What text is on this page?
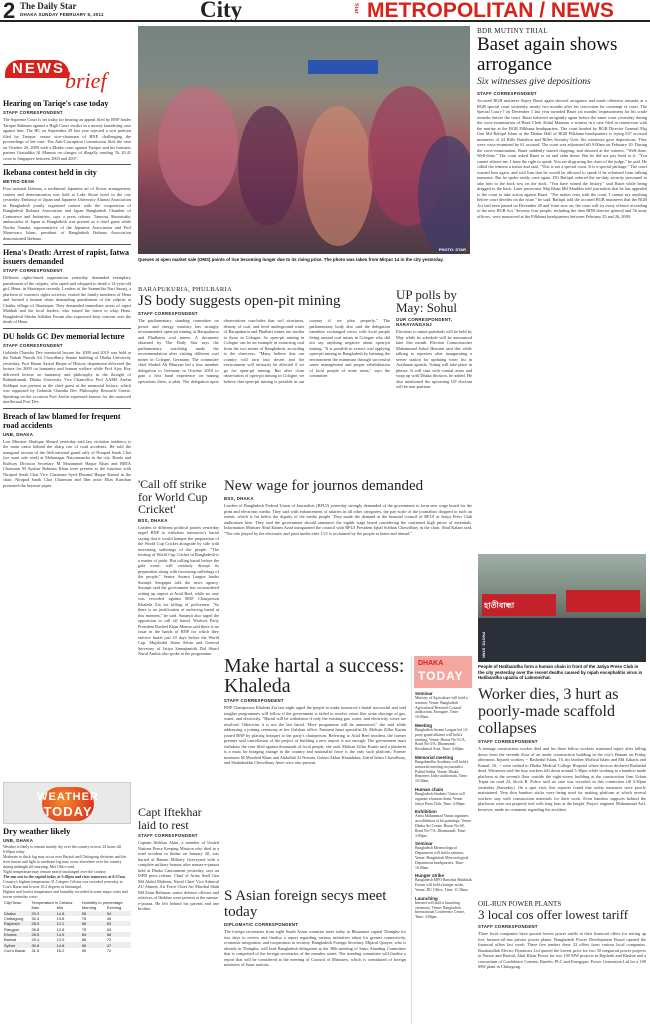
2 The Daily Star
DHAKA SUNDAY FEBRUARY 6, 2011	City	Star METROPOLITAN / NEWS
NEWS IN
brief
Hearing on Tariqe's case today
STAFF CORRESPONDENT
The Supreme Court is set today for hearing an appeal filed by BNP leader Tarique Rahman against a High Court verdict in a money laundering case against him. The HC on September 29 last year rejected a writ petition filed by Tarique, senior vice-chairman of BNP, challenging the proceedings of the case. The Anti-Corruption Commission filed the case on October 26, 2009 with a Dhaka court against Tarique and his business partner Giasuddin Al Mamun on charges of illegally sending Tk 20.41 crore to Singapore between 2003 and 2007.
Ikebana contest held in city
METRO DESK
First national Ikebana, a traditional Japanese art of flower arrangement, contest and demonstration was held at Lake Shore hotel in the city yesterday. Embassy of Japan and Japanese University Alumni Association in Bangladesh jointly organised contest with the cooperation of Bangladesh Ikebana Association and Japan Bangladesh Chamber of Commerce and Industries, says a press release. Tamotsu Shinotsuka, ambassador of Japan to Bangladesh was present as a chief guest while Noriko Tanaka, representative of the Japanese Association and Prof Monowara Islam, president of Bangladesh Ikebana Association demonstrated Ikebana.
Hena's Death: Arrest of rapist, fatwa issuers demanded
STAFF CORRESPONDENT
Different rights-based organisation yesterday demanded exemplary punishment of the culprits, who raped and whipped to death a 14-year-old girl, Hena, in Shariatpur recently. Leaders of the Sammilita Nari Samaj, a platform of women's rights activists, visited the family members of Hena and formed a human chain demanding punishment of the culprits at Chaiku village of Shariatpur. They demanded immediate arrest of rapist Mahbub and the local leaders, who issued the fatwa to whip Hena. Bangladesh Shishu Adhikar Forum also expressed deep concern over the death of Hena.
DU holds GC Dev memorial lecture
STAFF CORRESPONDENT
Gobinda Chandra Dev memorial lecture for 2009 and 2010 was held at the Nabab Nawab Ali Chowdhury Senate building of Dhaka University yesterday. Prof Hasan Azizul Haque of History department delivered the lecture for 2009 on humanity and human welfare while Prof Ajoy Roy delivered lecture on humanity and philosophy in the thought of Rabindranath. Dhaka University Vice Chancellor Prof AAMS Arefin Siddique was present as the chief guest at the memorial lecture, which was organised by Gobinda Chandra Dev Philosophy Research Centre. Speaking on the occasion Prof Arefin expressed honour for the martyred intellectual Prof Dev.
Breach of law blamed for frequent road accidents
UNB, DHAKA
Law Minister Shafique Ahmed yesterday said law violation tendency is the main cause behind the sharp rise of road accidents. He told the inaugural session of the fifth national grand rally of Nirapad Sarak Chai (we want safe road) at Mohanagar Natyamancha in the city. Roads and Railway Division Secretary M Mozammel Haque Khan and BRTA Chairman M Ayubur Rahman Khan were present at the function with Nirapad Sarak Chai Vice Chairman Syed Ebsanul Haque Kamal in the chair. Nirapad Sarak Chai Chairman and film actor Elias Kanchan presented the keynote paper.
WEATHER
TODAY
Dry weather likely
UNB, DHAKA
Weather is likely to remain mainly dry over the country in next 24 hours till 6:00pm today.
Moderate to thick fog may occur over Barisal and Chittagong divisions and the river basins and light to moderate fog may occur elsewhere over the country during midnight till morning, Met Office said.
Night temperature may remain nearly unchanged over the country.
The sun sets in the capital today at 5:48pm and rises tomorrow at 6:37am.
Country's highest temperature 31.5 degree Celsius was recorded yesterday at Cox's Bazar and lowest 10.2 degrees at Srimangal.
Highest and lowest temperature and humidity recorded in some major cities and towns yesterday were:
City/Town	Temperature in Celsius		Humidity in percentage	
	Max	Min	Morning	Evening
Dhaka	29.3	14.8	55	54
Chittagong	30.4	13.8	75	45
Rajshahi	28.5	12.2	85	63
Rangpur	26.8	12.8	75	63
Khulna	28.5	14.5	84	58
Barisal	29.4	13.9	86	72
Sylhet	30.8	14.8	56	47
Cox's Bazar	31.5	16.2	59	72
PHOTO: STAR
Queues at open market sale (OMS) points of rice becoming longer due to its rising price. The photo was taken from Mirpur 14 in the city yesterday.
BDR MUTINY TRIAL
Baset again shows arrogance
Six witnesses give depositions
STAFF CORRESPONDENT
Accused BGB mutineer Sepoy Baset again showed arrogance and made offensive remarks at a BGB special court yesterday, nearly two months after his conviction for contempt of court. The Special Court-7 on December 1 last year awarded Baset six months' imprisonment for his crude remarks before the court. Baset behaved arrogantly again before the same court yesterday during the cross-examination of Head Clerk Abdul Mannan, a witness in a case filed in connection with the mutiny at the BGB Pilkhana headquarters. The court headed by BGB Director General Maj Gen Md Rafiqul Islam at the Darbar Hall of BGB Pilkhana headquarters is trying 637 accused mutineers of 24 Rifle Battalion and Rifles Security Unit. Six witnesses gave depositions. They were cross-examined by 61 accused. The court was adjourned till 9:00am on February 10. During the cross-examination, Baset suddenly started clapping, and shouted at the witness, "Well-done, Well-done." The court asked Baset to sit and calm down. But he did not pay heed to it. "You cannot silence me. I have the right to speak. You are disgracing the chair of the judge," he said. He called the witness a traitor and said, "This is not a special court. It is a special package." The court warned him again, and told him that he would be allowed to speak if he refrained from talking nonsense. But he spoke rashly once again. DG Rafiqul ordered the on-duty security personnel to take him to the back row on the dock. "You have ruined the history," said Baset while being dragged to the back. Later prosecutor Maj Khan Md Abuddin told journalists that he has appealed to the court to take action against Baset. "The matter rests with the court. I cannot say anything before court decides on the issue," he said. Rafiqul told the accused BGB mutineers that the BGB Act had been passed on December 20 and 'from now on, the court will try every offence according to the new BGB Act.' Seventy four people, including the then BDR director general and 56 army officers, were massacred at the Pilkhana headquarters between February 25 and 26, 2009.
BARAPUKURIA, PHULBARIA
JS body suggests open-pit mining
STAFF CORRESPONDENT
The parliamentary standing committee on power and energy ministry has strongly recommended open-pit mining at Barapukuria and Phulbaria coal mines. A document obtained by The Daily Star says the parliamentary watchdog made the recommendation after visiting different coal mines in Cologne, Germany. The committee chief Shubid Ali Bhuiyan led a four member delegation to Germany in October 2010 to gain a first hand experience on mining operations there, it adds. The delegation upon observations concludes that soil structures, density of coal, and level underground water of Barapukuria and Phulbari mines are similar to those in Cologne. So open-pit mining in Cologne can be an example in extracting coal from the two mines of Bangladesh, according to the observers. "Many believe that our country will turn into desert and the environment will seriously be affected if we go for open-pit mining. But after close observation of open-pit mining in Cologne, we believe that open-pit mining is possible in our country if we plan properly." The parliamentary body also said the delegation members exchanged views with local people living around coal mines in Cologne who did not say anything negative about open-pit mining. "It is possible to extract coal applying open-pit mining in Bangladesh by harming the environment the minimum through successful water management and proper rehabilitation of local people of mine areas," says the committee.
UP polls by May: Sohul
OUR CORRESPONDENT, NARAYANGANJ
Elections to union parishads will be held by May while its schedule will be announced later this month. Election Commissioner Muhammad Sohul Hussain said this while talking to reporters after inaugurating a server station for updating voter list in Araihazar upazila. Voting will take place in phases. It will start with coastal areas and wrap up with Dhaka division, he added. He also mentioned the upcoming UP election will be non-partisan.
'Call off strike for World Cup Cricket'
BSS, DHAKA
Leaders of different political parties yesterday urged BNP to withdraw tomorrow's hartal saying that it would hamper the preparation of the World Cup Cricket alongside by side with increasing sufferings of the people. "The hosting of World Cup Cricket in Bangladesh is a matter of pride. But calling hartal before the gala event, will certainly disrupt its preparation along with increasing sufferings of the people," Senior Awami League leader Suranjit Sengupta told the news agency. Suranjit said the government has reconsidered setting up airport at Arial Beel, while no case was recorded against BNP Chairperson Khaleda Zia for killing of policemen. "So there is no justification of enforcing hartal at this moment," he said. Sunanjit also urged the opposition to call off hartal. Workers Party President Rashed Khan Menon said there is no issue in the hands of BNP for which they enforce hartal just 10 days before the World Cup. Mujahidul Islam Selim and General Secretary of Jatiya Samajtantrik Dal Sharif Nurul Ambia also spoke at the programme.
Capt Iftekhar laid to rest
STAFF CORRESPONDENT
Captain Iftekhar Alam, a member of United Nations Peace Keeping Mission who died in a road accident in Sudan on January 30, was buried at Banani Military Graveyard with a complete military honour after namaz-e-janaza held at Dhaka Cantonment yesterday, says an ISPR press release. Chief of Army Staff Gen Md Abdul Mubeen, Naval Chief Vice Admiral ZU Ahmed, Air Force Chief Air Marshal Shah Md Ziaur Rahman, senior defence officers and relatives of Iftekhar were present at the namaz-e-janaza. He left behind his parents and one brother.
New wage for journos demanded
BSS, DHAKA
Leaders of Bangladesh Federal Union of Journalists (BFUJ) yesterday strongly demanded of the government to form new wage board for the print and electronic media. They said with enhancement of salaries in all other categories, the pay-scale of the journalists dropped to such an extent, which is far below the dignity of the media people. They made the demand at the biennial council of BFUJ at Jatiya Press Club auditorium here. They said the government should announce the eighth wage board considering the continued high prices of essentials. Information Minister Abul Kalam Azad inaugurated the council with BFUJ President Iqbal Sobhan Chowdhury in the chair. Abul Kalam said, "The role played by the electronic and print media after 1/11 is acclaimed by the people at home and abroad."
Make hartal a success: Khaleda
STAFF CORRESPONDENT
BNP Chairperson Khaleda Zia last night urged the people to make tomorrow's hartal successful and said tougher programmes will follow if the government is failed to resolve crises like acute shortage of gas, water, and electricity. "Hartal will be withdrawn if only the existing gas, water, and electricity crises are resolved. Otherwise it is not the last hartal. More programme will be announced," she said while addressing a joining ceremony at her Gulshan office. Eminent heart specialist Dr Mohsin Zillur Karim joined BNP by placing bouquet to the party's chairperson. Referring to Arial Beel incident, the former premier said cancellation of the project of building a new airport is not enough. The government must withdraw the case filed against thousands of local people, she said. Mohsin Zillur Karim said a platform is a must for bringing change in the country and nationalist force is the only such platform. Former ministers M Morshed Khan and Abdullah Al Noman, Golam Akbar Khandaker, Zafrul Islam Chowdhury, and Shahiduddin Chowdhury Anee were also present.
S Asian foreign secys meet today
DIPLOMATIC CORRESPONDENT
The foreign secretaries from eight South Asian countries meet today in Bhutanese capital Thimphu for two days to review and finalise a report regarding various initiatives taken for greater connectivity, economic integration, and cooperation in security. Bangladesh Foreign Secretary Mijarul Quayes, who is already in Thimphu, will lead Bangladesh delegation at the 38th meeting of Saarc Standing Committee that is comprised of the foreign secretaries of the member states. The standing committee will finalise a report that will be considered at the meeting of Council of Ministers, which is constituted of foreign ministers of Saarc nations.
হাতীবান্ধা
PHOTO: STAR
People of Hatibandha form a human chain in front of the Jatiya Press Club in the city yesterday over the recent deaths caused by nipah encephalitis virus in Hatibandha upazila of Lalmonirhat.
DHAKA
TODAY
Seminar
Ministry of Agriculture will hold a seminar, Venue: Bangladesh Agricultural Research Council auditorium, Farmgate, Time: 10:00am.
Meeting
Bangladesh Awami League led 14-party grand alliance will hold a meeting, Venue: House No-51/A, Road No-3/A, Dhanmondi Residential Area, Time: 4:00pm.
Memorial meeting
Bangabandhu Academy will hold a memorial meeting on journalist Pahlul Sobha, Venue: Dhaka Reporters Unity auditorium, Time: 10:30am.
Human chain
Bangladesh Students' Union will organise a human chain, Venue: Jatiya Press Club, Time: 4:00pm.
Exhibition
Artist Muhammad Yunus organises an exhibition of his paintings, Venue: Dhaka Art Center, House No-60, Road No-7/A, Dhanmondi, Time: 3:00pm.
Seminar
Bangladesh Meteorological Department will hold a seminar, Venue: Bangladesh Meteorological Department headquarters, Time: 10:00am.
Hunger strike
Bangladesh MPO Banchita Shikkhak Forum will hold a hunger strike, Venue: DU Office, Time: 11:30am.
Launching
Internet will hold a launching ceremony, Venue: Bangladesh International Conference Centre, Time: 4:00pm.
Worker dies, 3 hurt as poorly-made scaffold collapses
STAFF CORRESPONDENT
A teenage construction worker died and his three fellow workers sustained injury after falling down from the seventh floor of an under construction building in the city's Banani on Friday afternoon. Injured workers -- Rashedul Islam, 16, his brother Mofizul Islam and Md Zakaria and Kamal, 16, -- were rushed to Dhaka Medical College Hospital where doctors declared Rashedul dead. Witnesses said the four workers fell down around 5:30pm while working at a bamboo made platform at the seventh floor outside the eight-storey building at the construction firm Urban Topaz on road 23, block B. Police said no case was recorded in this connection till 3:30pm yesterday (Saturday). On a spot visit, this reporter found that safety measures were poorly maintained. Very thin bamboo sticks were being used for making platform at which several workers stay with construction materials for their work. Even bamboo supports behind the platforms were not properly tied with long bars at the height. Project engineer Mohammad Arif, however, made no comment regarding the accident.
OIL-RUN POWER PLANTS
3 local cos offer lowest tariff
STAFF CORRESPONDENT
Three local companies have quoted lowest power tariffs in their financial offers for setting up five furnace-oil-run private power plants. Bangladesh Power Development Board opened the financial offers last week. These five tenders drew 23 offers from various local companies. Barakatullah Electro Dynamics Ltd quoted the lowest price for two 50 megawatt power projects in Natore and Barisal, Abul Khair Power for two 100 MW projects in Rajshahi and Khulna and a consortium of Confidence Cement, Burelec PLC and Energypac Power Generation Ltd for a 100 MW plant in Chittagong.
